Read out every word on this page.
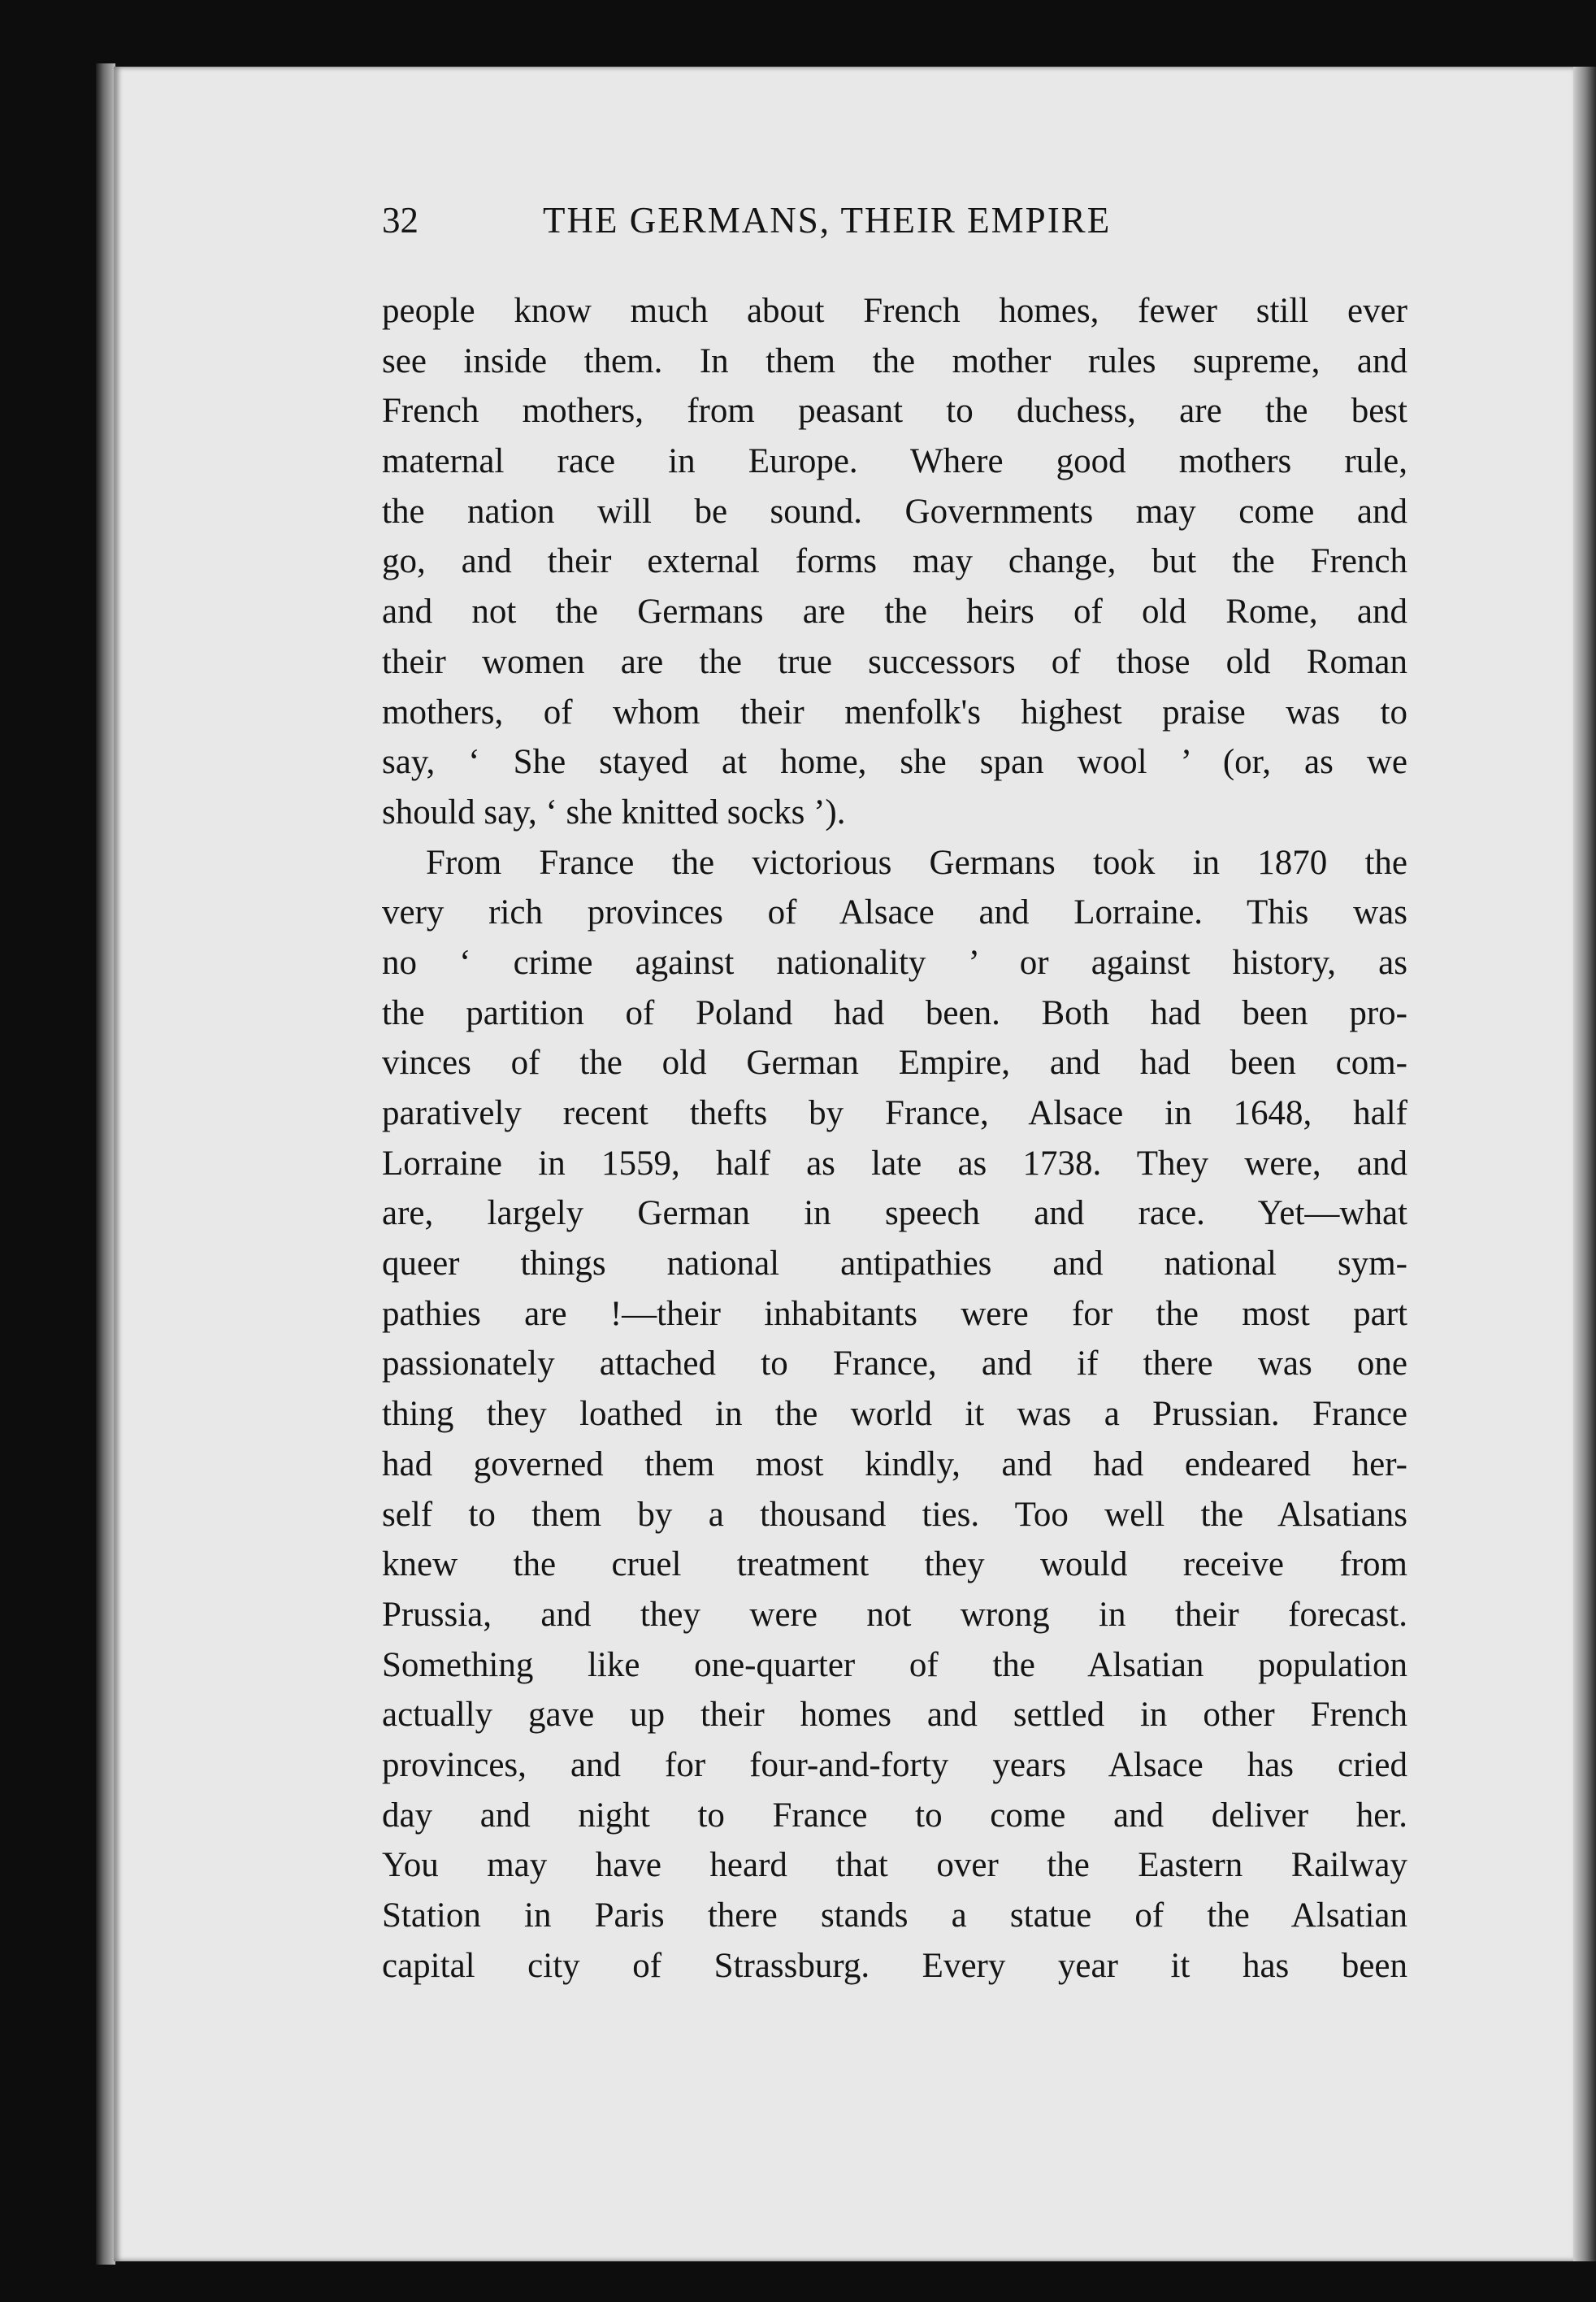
32	THE GERMANS, THEIR EMPIRE
people know much about French homes, fewer still ever
see inside them. In them the mother rules supreme, and
French mothers, from peasant to duchess, are the best
maternal race in Europe. Where good mothers rule,
the nation will be sound. Governments may come and
go, and their external forms may change, but the French
and not the Germans are the heirs of old Rome, and
their women are the true successors of those old Roman
mothers, of whom their menfolk's highest praise was to
say, ‘ She stayed at home, she span wool ’ (or, as we
should say, ‘ she knitted socks ’).
From France the victorious Germans took in 1870 the
very rich provinces of Alsace and Lorraine. This was
no ‘ crime against nationality ’ or against history, as
the partition of Poland had been. Both had been pro-
vinces of the old German Empire, and had been com-
paratively recent thefts by France, Alsace in 1648, half
Lorraine in 1559, half as late as 1738. They were, and
are, largely German in speech and race. Yet—what
queer things national antipathies and national sym-
pathies are !—their inhabitants were for the most part
passionately attached to France, and if there was one
thing they loathed in the world it was a Prussian. France
had governed them most kindly, and had endeared her-
self to them by a thousand ties. Too well the Alsatians
knew the cruel treatment they would receive from
Prussia, and they were not wrong in their forecast.
Something like one-quarter of the Alsatian population
actually gave up their homes and settled in other French
provinces, and for four-and-forty years Alsace has cried
day and night to France to come and deliver her.
You may have heard that over the Eastern Railway
Station in Paris there stands a statue of the Alsatian
capital city of Strassburg. Every year it has been
